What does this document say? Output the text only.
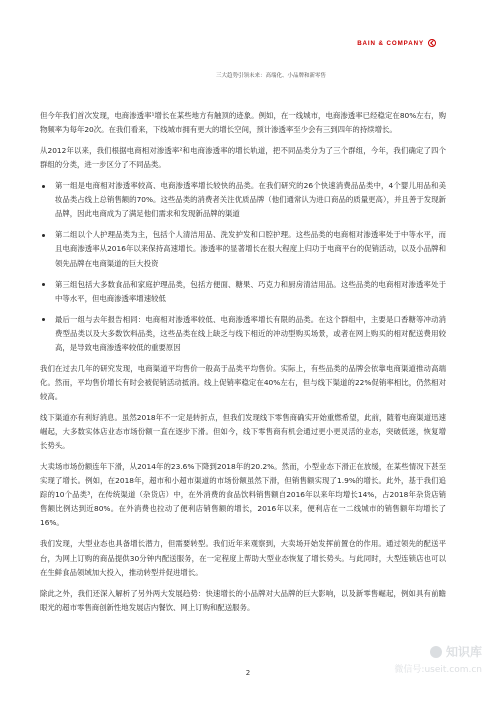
BAIN & COMPANY
三大趋势引领未来：高端化、小品牌和新零售

但今年我们首次发现，电商渗透率¹增长在某些地方有触顶的迹象。例如，在一线城市，电商渗透率已经稳定在80%左右，购物频率为每年20次。在我们看来，下线城市拥有更大的增长空间，预计渗透率至少会有三到四年的持续增长。

从2012年以来，我们根据电商相对渗透率²和电商渗透率的增长轨道，把不同品类分为了三个群组，今年，我们确定了四个群组的分类，进一步区分了不同品类。

第一组是电商相对渗透率较高、电商渗透率增长较快的品类。在我们研究的26个快速消费品品类中，4个婴儿用品和美妆品类占线上总销售额的70%。这些品类的消费者关注优质品牌（他们通常认为进口商品的质量更高），并且善于发现新品牌，因此电商成为了满足他们需求和发现新品牌的渠道
第二组以个人护理品类为主，包括个人清洁用品、洗发护发和口腔护理。这些品类的电商相对渗透率处于中等水平，而且电商渗透率从2016年以来保持高速增长。渗透率的显著增长在很大程度上归功于电商平台的促销活动，以及小品牌和领先品牌在电商渠道的巨大投资
第三组包括大多数食品和家庭护理品类，包括方便面、糖果、巧克力和厨房清洁用品。这些品类的电商相对渗透率处于中等水平，但电商渗透率增速较低
最后一组与去年报告相同：电商相对渗透率较低、电商渗透率增长有限的品类。在这个群组中，主要是口香糖等冲动消费型品类以及大多数饮料品类，这些品类在线上缺乏与线下相近的冲动型购买场景，或者在网上购买的相对配送费用较高，是导致电商渗透率较低的重要原因

我们在过去几年的研究发现，电商渠道平均售价一般高于品类平均售价。实际上，有些品类的品牌会依靠电商渠道推动高端化。然而，平均售价增长有时会被促销活动抵消。线上促销率稳定在40%左右，但与线下渠道的22%促销率相比，仍然相对较高。

线下渠道亦有利好消息。虽然2018年不一定是转折点，但我们发现线下零售商确实开始重燃希望，此前，随着电商渠道迅速崛起，大多数实体店业态市场份额一直在逐步下滑。但如今，线下零售商有机会通过更小更灵活的业态，突破低迷，恢复增长势头。

大卖场市场份额连年下滑，从2014年的23.6%下降到2018年的20.2%。然而，小型业态下滑正在放缓，在某些情况下甚至实现了增长。例如，在2018年，超市和小超市渠道的市场份额虽然下滑，但销售额实现了1.9%的增长。此外，基于我们追踪的10个品类³，在传统渠道（杂货店）中，在外消费的食品饮料销售额自2016年以来年均增长14%，占2018年杂货店销售额比例达到近80%。在外消费也拉动了便利店销售额的增长，2016年以来，便利店在一二线城市的销售额年均增长了16%。

我们发现，大型业态也具备增长潜力，但需要转型。我们近年来观察到，大卖场开始发挥前置仓的作用。通过领先的配送平台，为网上订购的商品提供30分钟内配送服务，在一定程度上帮助大型业态恢复了增长势头。与此同时，大型连锁店也可以在生鲜食品领域加大投入，推动转型并促进增长。

除此之外，我们还深入解析了另外两大发展趋势：快速增长的小品牌对大品牌的巨大影响，以及新零售崛起，例如具有前瞻眼光的超市零售商创新性地发展店内餐饮、网上订购和配送服务。

2
知识库
微信号:useit.com.cn
